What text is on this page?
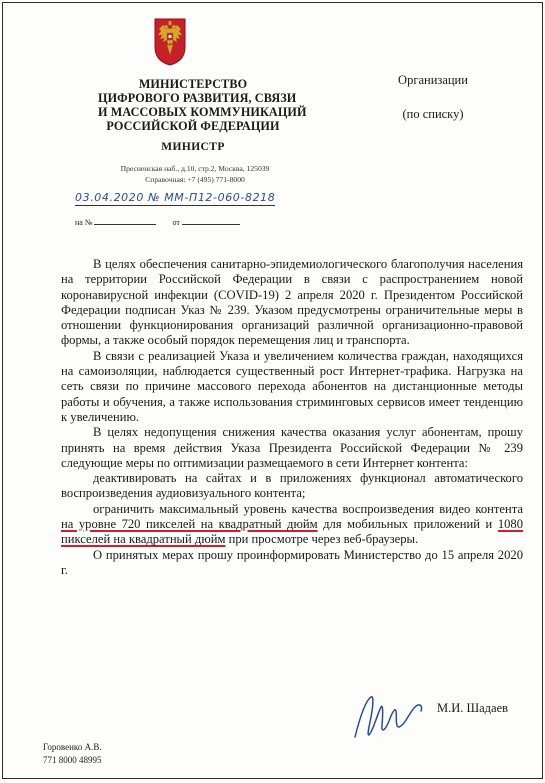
МИНИСТЕРСТВО
ЦИФРОВОГО РАЗВИТИЯ, СВЯЗИ
И МАССОВЫХ КОММУНИКАЦИЙ
РОССИЙСКОЙ ФЕДЕРАЦИИ
МИНИСТР
Пресненская наб., д.10, стр.2, Москва, 125039
Справочная: +7 (495) 771-8000
03.04.2020 № ММ-П12-060-8218
на №	от
Организации
(по списку)

В целях обеспечения санитарно-эпидемиологического благополучия населения на территории Российской Федерации в связи с распространением новой коронавирусной инфекции (COVID-19) 2 апреля 2020 г. Президентом Российской Федерации подписан Указ № 239. Указом предусмотрены ограничительные меры в отношении функционирования организаций различной организационно-правовой формы, а также особый порядок перемещения лиц и транспорта.

В связи с реализацией Указа и увеличением количества граждан, находящихся на самоизоляции, наблюдается существенный рост Интернет-трафика. Нагрузка на сеть связи по причине массового перехода абонентов на дистанционные методы работы и обучения, а также использования стриминговых сервисов имеет тенденцию к увеличению.

В целях недопущения снижения качества оказания услуг абонентам, прошу принять на время действия Указа Президента Российской Федерации № 239 следующие меры по оптимизации размещаемого в сети Интернет контента:

деактивировать на сайтах и в приложениях функционал автоматического воспроизведения аудиовизуального контента;

ограничить максимальный уровень качества воспроизведения видео контента на уровне 720 пикселей на квадратный дюйм для мобильных приложений и 1080 пикселей на квадратный дюйм при просмотре через веб-браузеры.

О принятых мерах прошу проинформировать Министерство до 15 апреля 2020 г.

М.И. Шадаев
Горовенко А.В.
771 8000 48995
